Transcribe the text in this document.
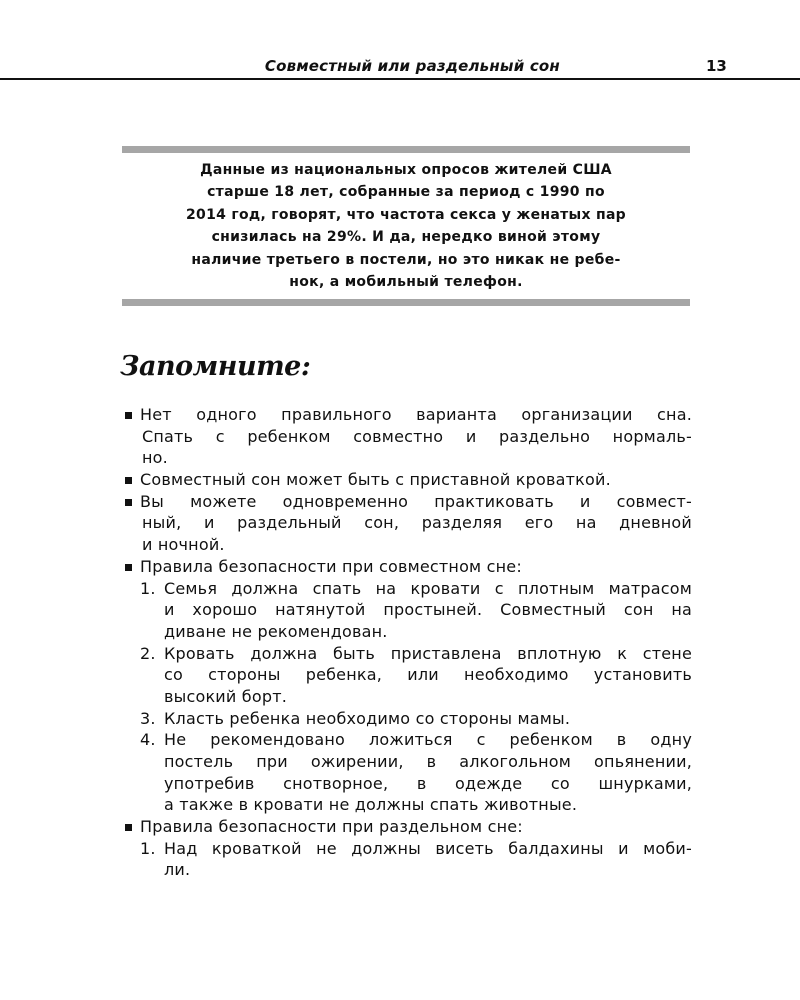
Совместный или раздельный сон	13
Данные из национальных опросов жителей США
старше 18 лет, собранные за период с 1990 по
2014 год, говорят, что частота секса у женатых пар
снизилась на 29%. И да, нередко виной этому
наличие третьего в постели, но это никак не ребе-
нок, а мобильный телефон.
Запомните:
Нет одного правильного варианта организации сна.
Спать с ребенком совместно и раздельно нормаль-
но.
Совместный сон может быть с приставной кроваткой.
Вы можете одновременно практиковать и совмест-
ный, и раздельный сон, разделяя его на дневной
и ночной.
Правила безопасности при совместном сне:
1. Семья должна спать на кровати с плотным матрасом
и хорошо натянутой простыней. Совместный сон на
диване не рекомендован.
2. Кровать должна быть приставлена вплотную к стене
со стороны ребенка, или необходимо установить
высокий борт.
3. Класть ребенка необходимо со стороны мамы.
4. Не рекомендовано ложиться с ребенком в одну
постель при ожирении, в алкогольном опьянении,
употребив снотворное, в одежде со шнурками,
а также в кровати не должны спать животные.
Правила безопасности при раздельном сне:
1. Над кроваткой не должны висеть балдахины и моби-
ли.
